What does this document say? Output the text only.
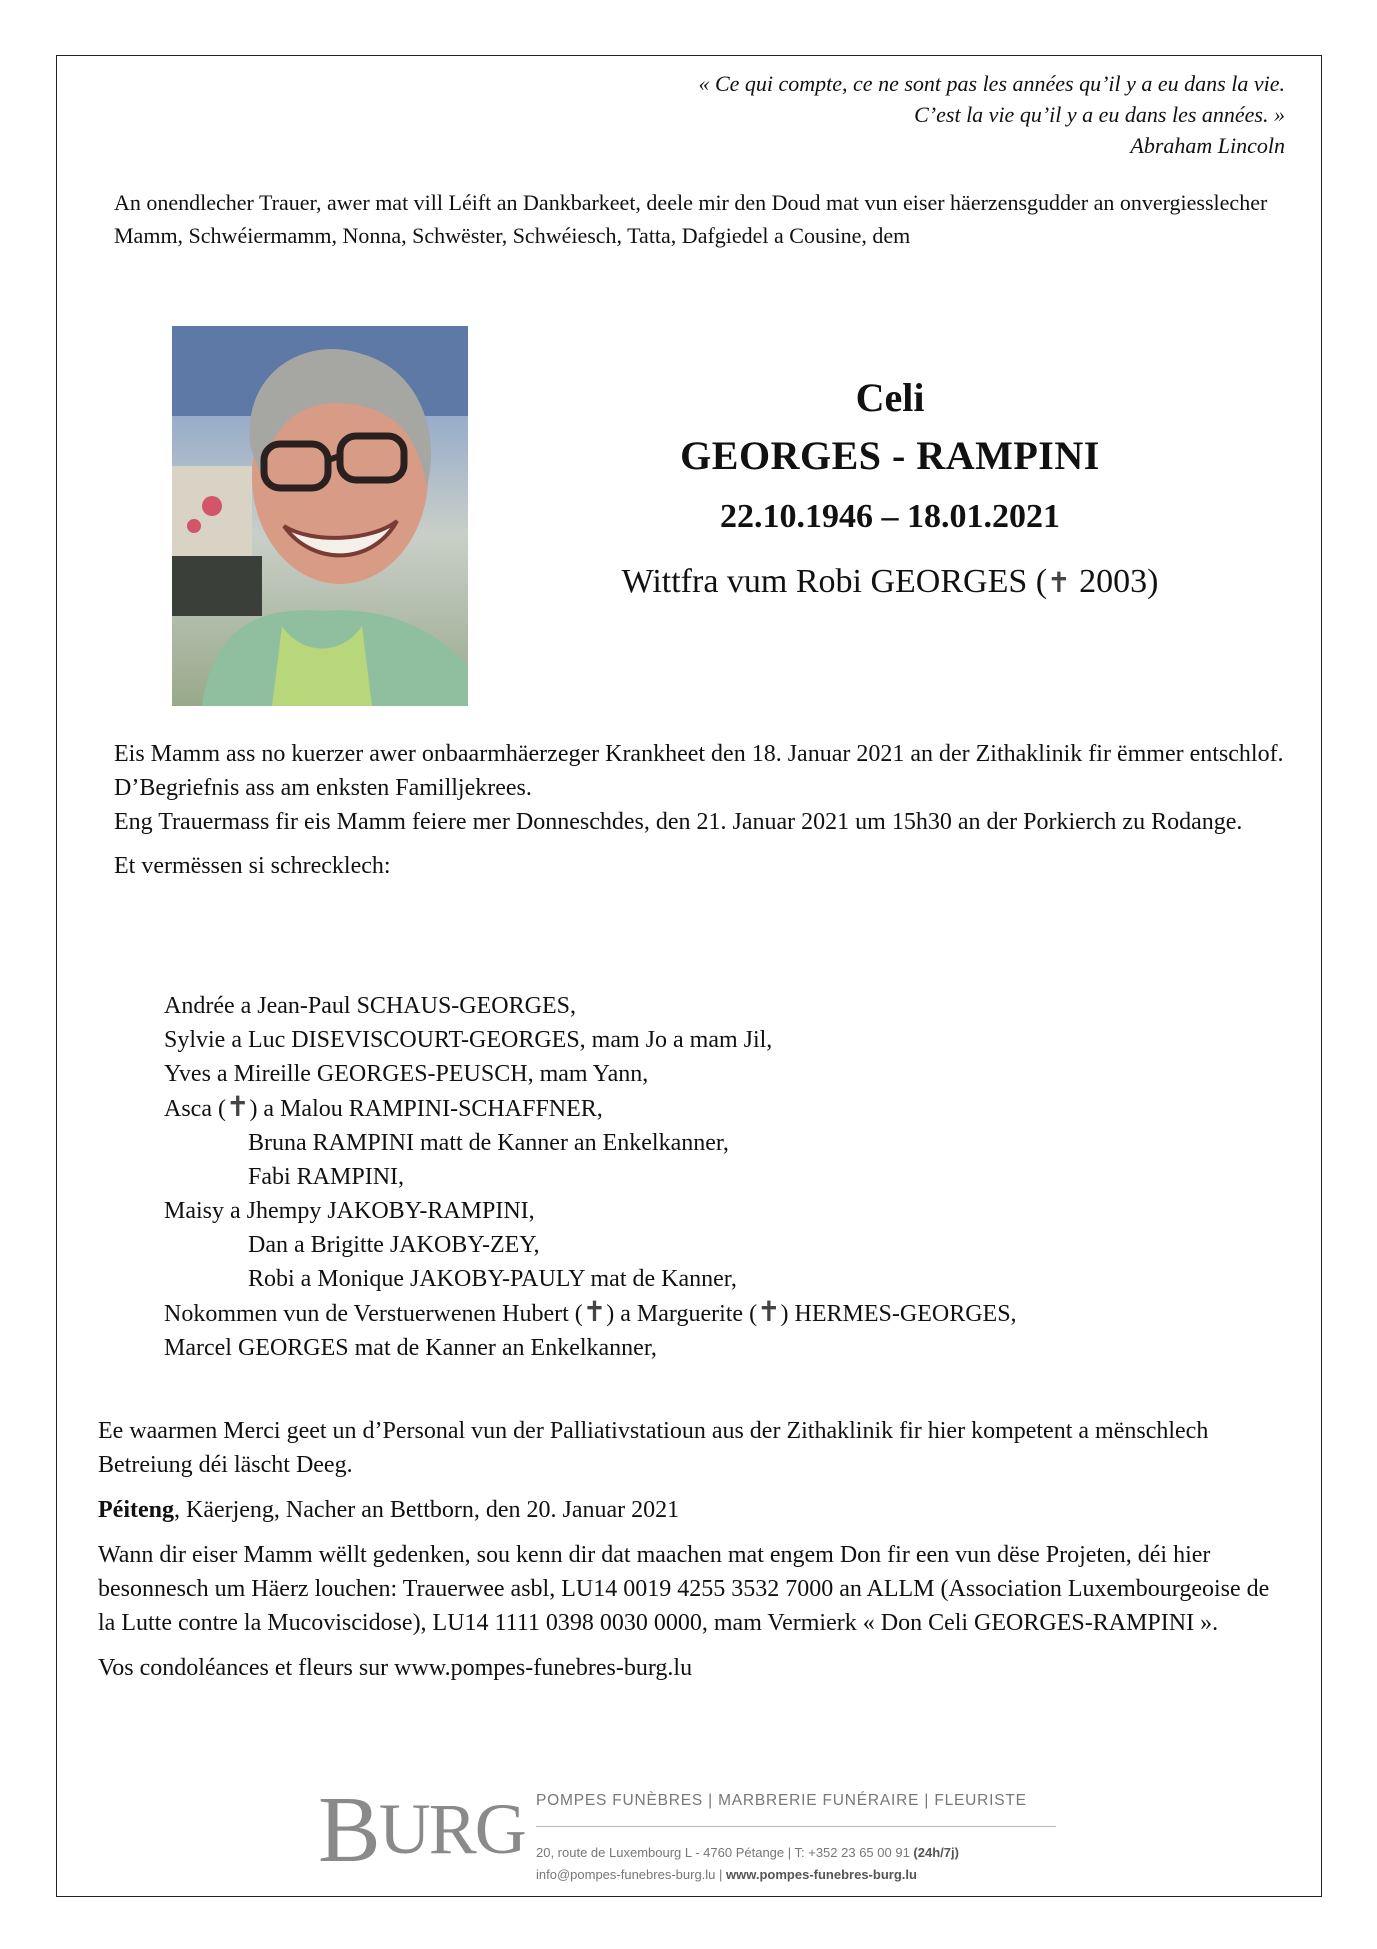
« Ce qui compte, ce ne sont pas les années qu’il y a eu dans la vie.
C’est la vie qu’il y a eu dans les années. »
Abraham Lincoln
An onendlecher Trauer, awer mat vill Léift an Dankbarkeet, deele mir den Doud mat vun eiser häerzensgudder an onvergiesslecher Mamm, Schwéiermamm, Nonna, Schwëster, Schwéiesch, Tatta, Dafgiedel a Cousine, dem
Celi
GEORGES - RAMPINI
22.10.1946 – 18.01.2021
Wittfra vum Robi GEORGES (✝ 2003)

Eis Mamm ass no kuerzer awer onbaarmhäerzeger Krankheet den 18. Januar 2021 an der Zithaklinik fir ëmmer entschlof.

D’Begriefnis ass am enksten Familljekrees.

Eng Trauermass fir eis Mamm feiere mer Donneschdes, den 21. Januar 2021 um 15h30 an der Porkierch zu Rodange.

Et vermëssen si schrecklech:

Andrée a Jean-Paul SCHAUS-GEORGES,
Sylvie a Luc DISEVISCOURT-GEORGES, mam Jo a mam Jil,
Yves a Mireille GEORGES-PEUSCH, mam Yann,
Asca (✝) a Malou RAMPINI-SCHAFFNER,
Bruna RAMPINI matt de Kanner an Enkelkanner,
Fabi RAMPINI,
Maisy a Jhempy JAKOBY-RAMPINI,
Dan a Brigitte JAKOBY-ZEY,
Robi a Monique JAKOBY-PAULY mat de Kanner,
Nokommen vun de Verstuerwenen Hubert (✝) a Marguerite (✝) HERMES-GEORGES,
Marcel GEORGES mat de Kanner an Enkelkanner,

Ee waarmen Merci geet un d’Personal vun der Palliativstatioun aus der Zithaklinik fir hier kompetent a mënschlech Betreiung déi läscht Deeg.

Péiteng, Käerjeng, Nacher an Bettborn, den 20. Januar 2021

Wann dir eiser Mamm wëllt gedenken, sou kenn dir dat maachen mat engem Don fir een vun dëse Projeten, déi hier besonnesch um Häerz louchen: Trauerwee asbl, LU14 0019 4255 3532 7000 an ALLM (Association Luxembourgeoise de la Lutte contre la Mucoviscidose), LU14 1111 0398 0030 0000, mam Vermierk « Don Celi GEORGES-RAMPINI ».

Vos condoléances et fleurs sur www.pompes-funebres-burg.lu

BURG POMPES FUNÈBRES | MARBRERIE FUNÉRAIRE | FLEURISTE
20, route de Luxembourg L - 4760 Pétange | T: +352 23 65 00 91 (24h/7j)
info@pompes-funebres-burg.lu | www.pompes-funebres-burg.lu
